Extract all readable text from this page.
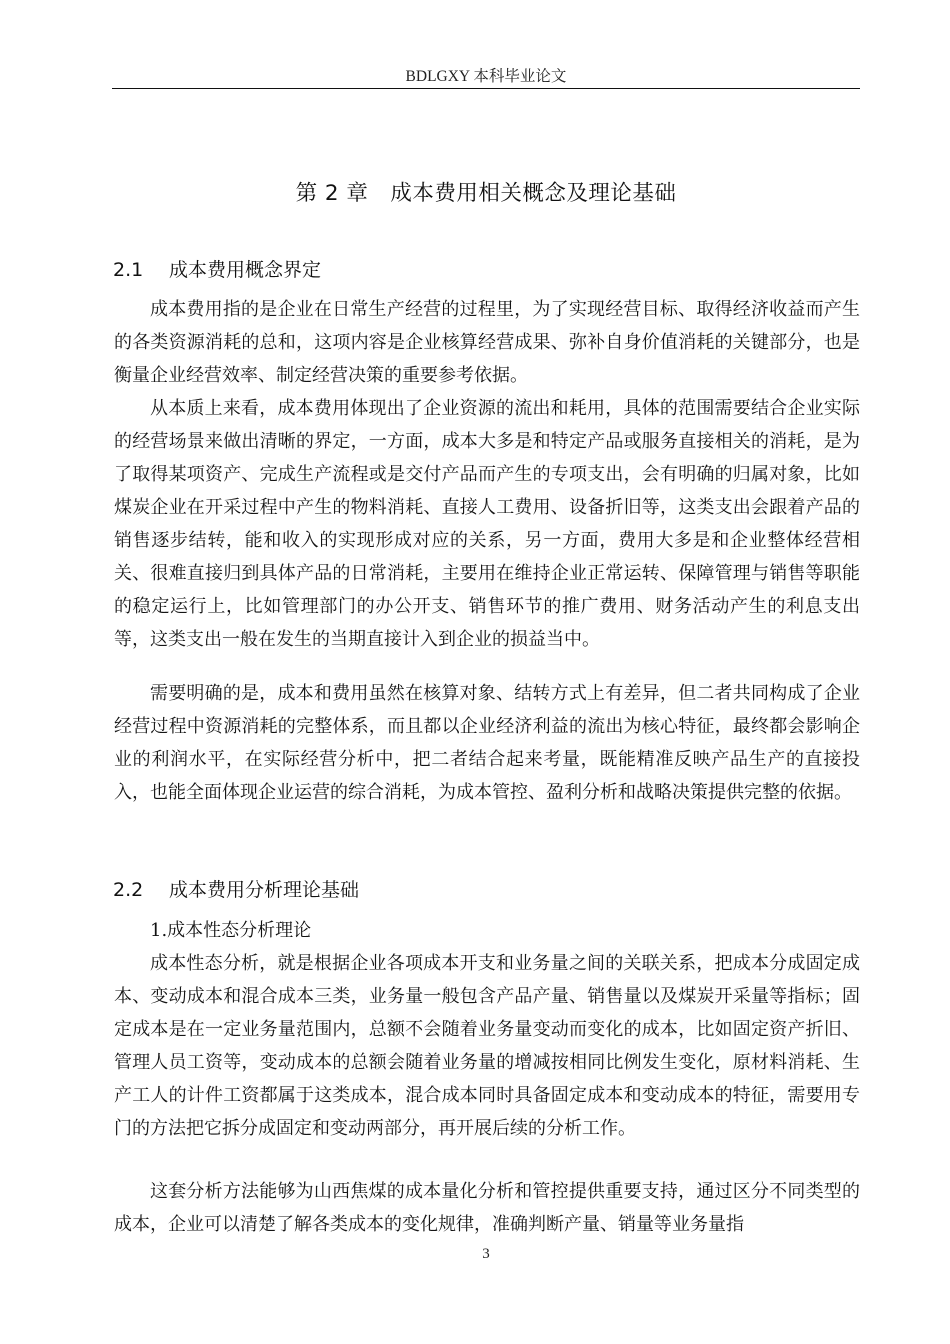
BDLGXY 本科毕业论文
第 2 章　成本费用相关概念及理论基础
2.1 成本费用概念界定

成本费用指的是企业在日常生产经营的过程里，为了实现经营目标、取得经济收益而产生的各类资源消耗的总和，这项内容是企业核算经营成果、弥补自身价值消耗的关键部分，也是衡量企业经营效率、制定经营决策的重要参考依据。

从本质上来看，成本费用体现出了企业资源的流出和耗用，具体的范围需要结合企业实际的经营场景来做出清晰的界定，一方面，成本大多是和特定产品或服务直接相关的消耗，是为了取得某项资产、完成生产流程或是交付产品而产生的专项支出，会有明确的归属对象，比如煤炭企业在开采过程中产生的物料消耗、直接人工费用、设备折旧等，这类支出会跟着产品的销售逐步结转，能和收入的实现形成对应的关系，另一方面，费用大多是和企业整体经营相关、很难直接归到具体产品的日常消耗，主要用在维持企业正常运转、保障管理与销售等职能的稳定运行上，比如管理部门的办公开支、销售环节的推广费用、财务活动产生的利息支出等，这类支出一般在发生的当期直接计入到企业的损益当中。

需要明确的是，成本和费用虽然在核算对象、结转方式上有差异，但二者共同构成了企业经营过程中资源消耗的完整体系，而且都以企业经济利益的流出为核心特征，最终都会影响企业的利润水平，在实际经营分析中，把二者结合起来考量，既能精准反映产品生产的直接投入，也能全面体现企业运营的综合消耗，为成本管控、盈利分析和战略决策提供完整的依据。

2.2 成本费用分析理论基础
1.成本性态分析理论

成本性态分析，就是根据企业各项成本开支和业务量之间的关联关系，把成本分成固定成本、变动成本和混合成本三类，业务量一般包含产品产量、销售量以及煤炭开采量等指标；固定成本是在一定业务量范围内，总额不会随着业务量变动而变化的成本，比如固定资产折旧、管理人员工资等，变动成本的总额会随着业务量的增减按相同比例发生变化，原材料消耗、生产工人的计件工资都属于这类成本，混合成本同时具备固定成本和变动成本的特征，需要用专门的方法把它拆分成固定和变动两部分，再开展后续的分析工作。

这套分析方法能够为山西焦煤的成本量化分析和管控提供重要支持，通过区分不同类型的成本，企业可以清楚了解各类成本的变化规律，准确判断产量、销量等业务量指

3
